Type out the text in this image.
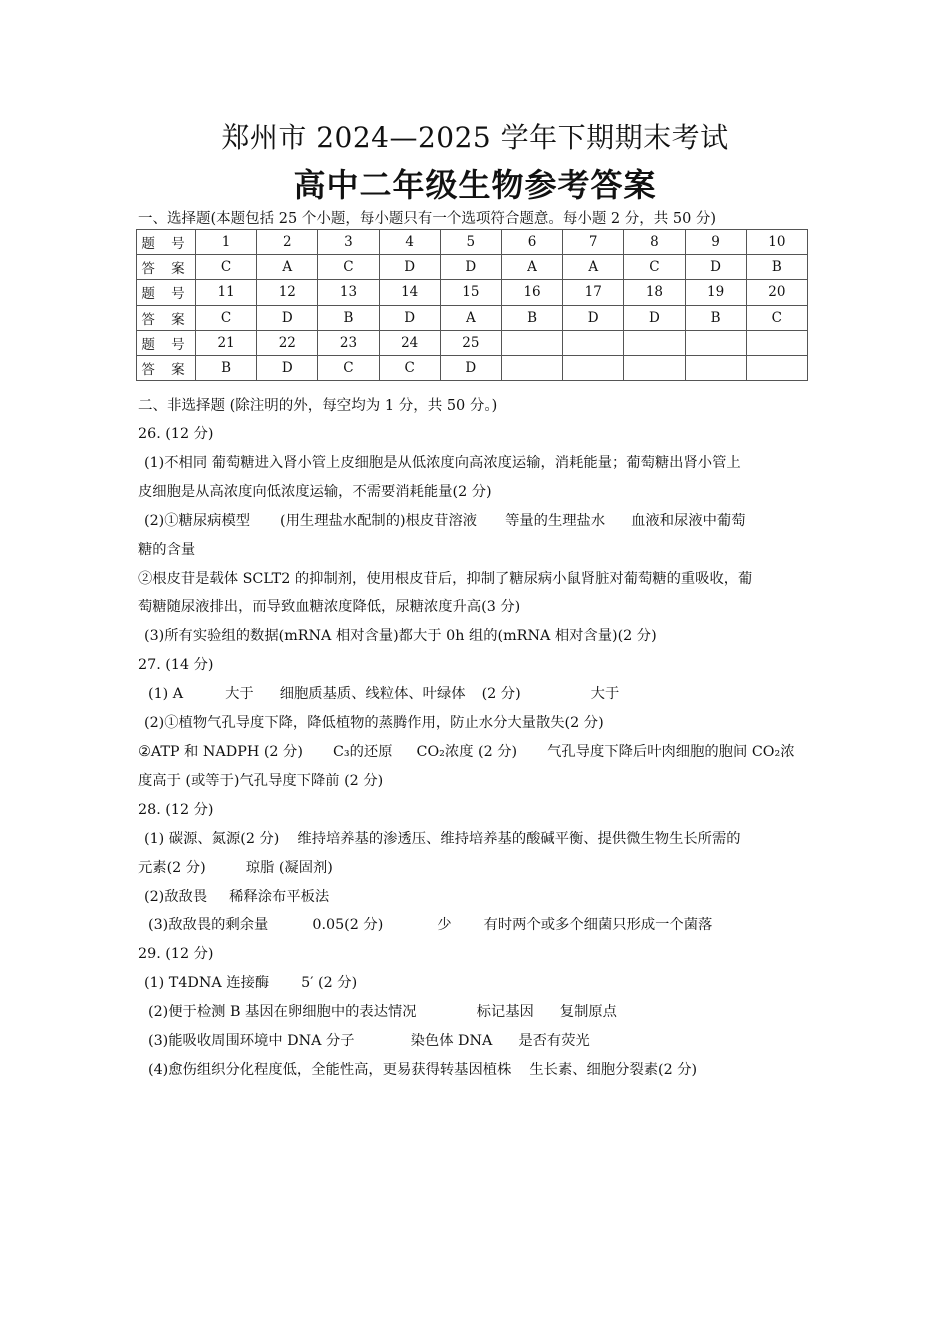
郑州市 2024—2025 学年下期期末考试
高中二年级生物参考答案
一、选择题(本题包括 25 个小题，每小题只有一个选项符合题意。每小题 2 分，共 50 分)
题 号	1	2	3	4	5	6	7	8	9	10
答 案	C	A	C	D	D	A	A	C	D	B
题 号	11	12	13	14	15	16	17	18	19	20
答 案	C	D	B	D	A	B	D	D	B	C
题 号	21	22	23	24	25					
答 案	B	D	C	C	D					
二、非选择题 (除注明的外，每空均为 1 分，共 50 分。)

26. (12 分)

(1)不相同 葡萄糖进入肾小管上皮细胞是从低浓度向高浓度运输，消耗能量；葡萄糖出肾小管上

皮细胞是从高浓度向低浓度运输，不需要消耗能量(2 分)

(2)①糖尿病模型 (用生理盐水配制的)根皮苷溶液 等量的生理盐水 血液和尿液中葡萄

糖的含量

②根皮苷是载体 SCLT2 的抑制剂，使用根皮苷后，抑制了糖尿病小鼠肾脏对葡萄糖的重吸收，葡

萄糖随尿液排出，而导致血糖浓度降低，尿糖浓度升高(3 分)

(3)所有实验组的数据(mRNA 相对含量)都大于 0h 组的(mRNA 相对含量)(2 分)

27. (14 分)

(1) A	大于 细胞质基质、线粒体、叶绿体 (2 分)	大于

(2)①植物气孔导度下降，降低植物的蒸腾作用，防止水分大量散失(2 分)

②ATP 和 NADPH (2 分) C₃的还原 CO₂浓度 (2 分) 气孔导度下降后叶肉细胞的胞间 CO₂浓

度高于 (或等于)气孔导度下降前 (2 分)

28. (12 分)

(1) 碳源、氮源(2 分) 维持培养基的渗透压、维持培养基的酸碱平衡、提供微生物生长所需的

元素(2 分)	琼脂 (凝固剂)

(2)敌敌畏 稀释涂布平板法

(3)敌敌畏的剩余量	0.05(2 分)	少 有时两个或多个细菌只形成一个菌落

29. (12 分)

(1) T4DNA 连接酶 5′ (2 分)

(2)便于检测 B 基因在卵细胞中的表达情况	标记基因 复制原点

(3)能吸收周围环境中 DNA 分子	染色体 DNA 是否有荧光

(4)愈伤组织分化程度低，全能性高，更易获得转基因植株 生长素、细胞分裂素(2 分)
